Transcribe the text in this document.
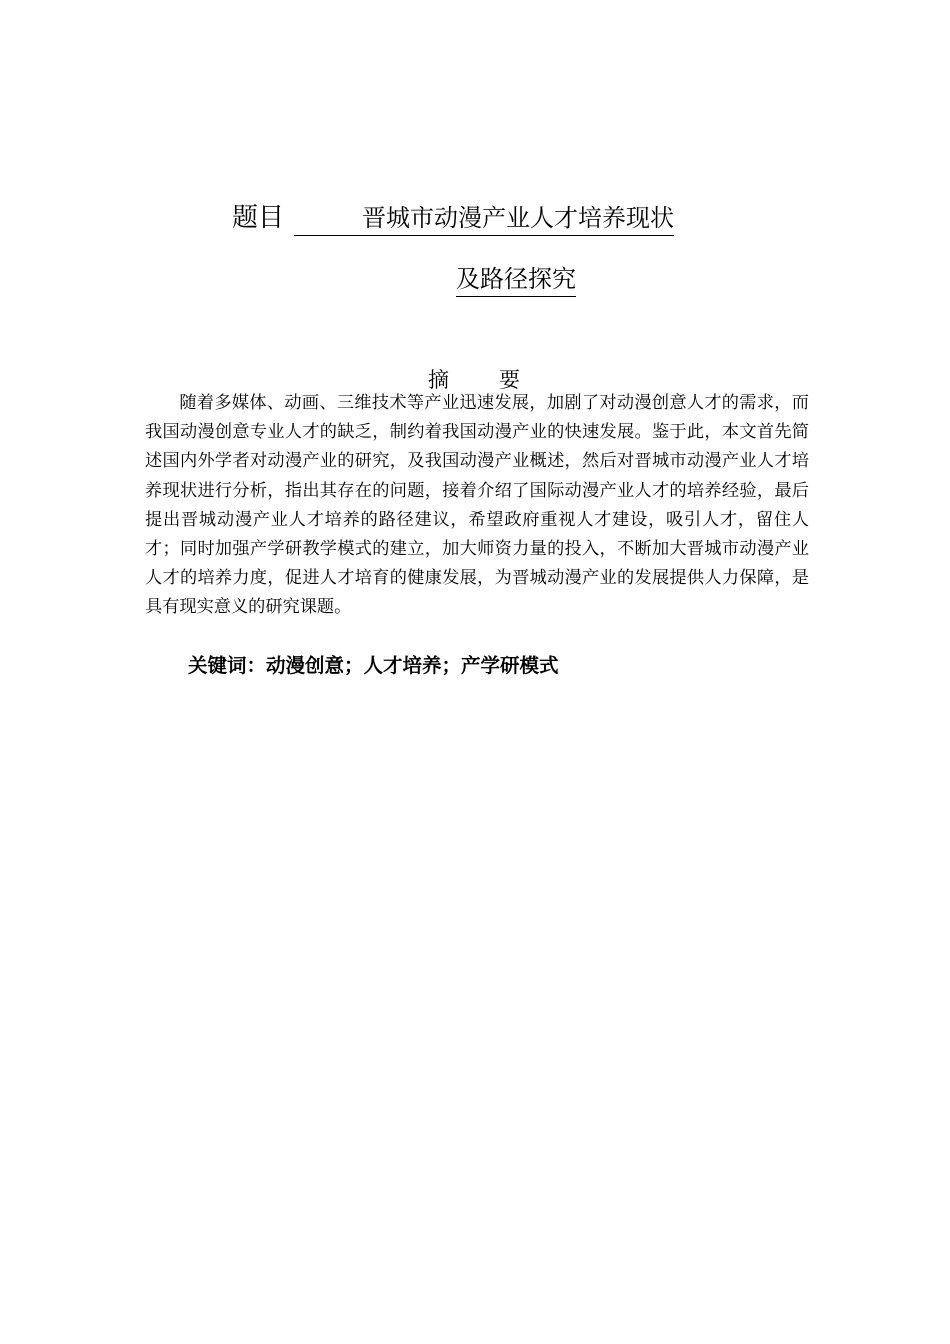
题目	晋城市动漫产业人才培养现状
及路径探究
摘 要
随着多媒体、动画、三维技术等产业迅速发展，加剧了对动漫创意人才的需求，而我国动漫创意专业人才的缺乏，制约着我国动漫产业的快速发展。鉴于此，本文首先简述国内外学者对动漫产业的研究，及我国动漫产业概述，然后对晋城市动漫产业人才培养现状进行分析，指出其存在的问题，接着介绍了国际动漫产业人才的培养经验，最后提出晋城动漫产业人才培养的路径建议，希望政府重视人才建设，吸引人才，留住人才；同时加强产学研教学模式的建立，加大师资力量的投入，不断加大晋城市动漫产业人才的培养力度，促进人才培育的健康发展，为晋城动漫产业的发展提供人力保障，是具有现实意义的研究课题。
关键词：动漫创意；人才培养；产学研模式
